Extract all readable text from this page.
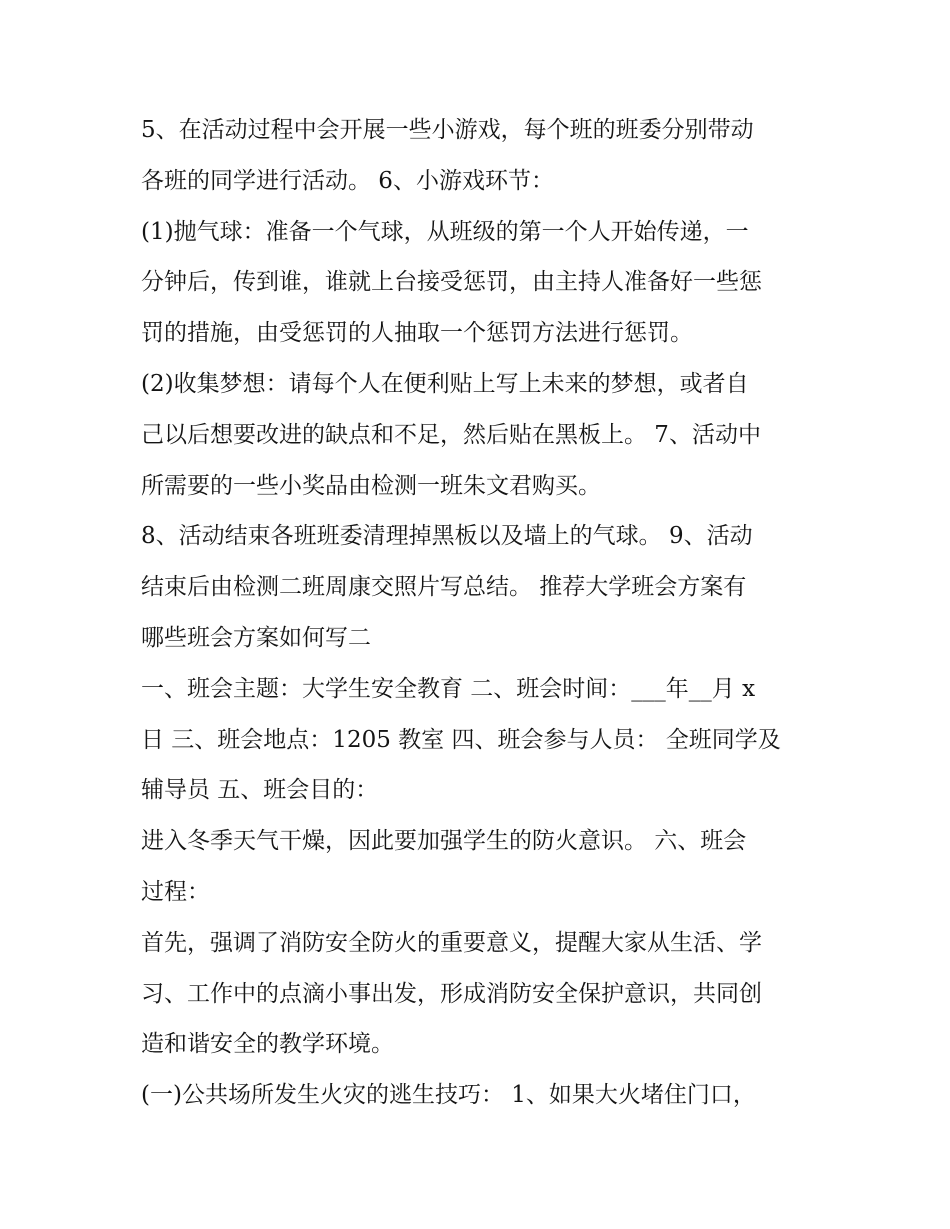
5、在活动过程中会开展一些小游戏，每个班的班委分别带动
各班的同学进行活动。 6、小游戏环节：
(1)抛气球：准备一个气球，从班级的第一个人开始传递，一
分钟后，传到谁，谁就上台接受惩罚，由主持人准备好一些惩
罚的措施，由受惩罚的人抽取一个惩罚方法进行惩罚。
(2)收集梦想：请每个人在便利贴上写上未来的梦想，或者自
己以后想要改进的缺点和不足，然后贴在黑板上。 7、活动中
所需要的一些小奖品由检测一班朱文君购买。
8、活动结束各班班委清理掉黑板以及墙上的气球。 9、活动
结束后由检测二班周康交照片写总结。 推荐大学班会方案有
哪些班会方案如何写二
一、班会主题：大学生安全教育 二、班会时间：___年__月 x
日 三、班会地点：1205 教室 四、班会参与人员： 全班同学及
辅导员 五、班会目的：
进入冬季天气干燥，因此要加强学生的防火意识。 六、班会
过程：
首先，强调了消防安全防火的重要意义，提醒大家从生活、学
习、工作中的点滴小事出发，形成消防安全保护意识，共同创
造和谐安全的教学环境。
(一)公共场所发生火灾的逃生技巧： 1、如果大火堵住门口，
